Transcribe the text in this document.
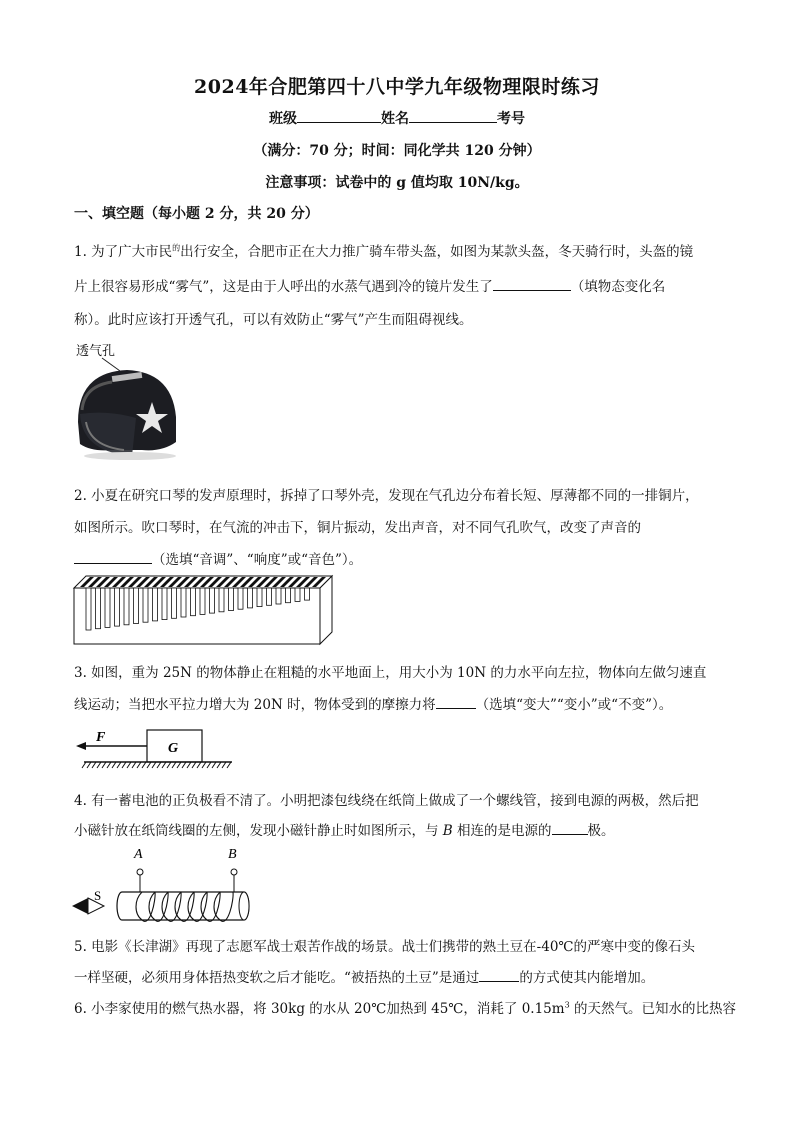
2024年合肥第四十八中学九年级物理限时练习
班级	姓名	考号
（满分：70 分；时间：同化学共 120 分钟）
注意事项：试卷中的 g 值均取 10N/kg。
一、填空题（每小题 2 分，共 20 分）
1. 为了广大市民$^的$出行安全，合肥市正在大力推广骑车带头盔，如图为某款头盔，冬天骑行时，头盔的镜
片上很容易形成“雾气”，这是由于人呼出的水蒸气遇到冷的镜片发生了	（填物态变化名
称）。此时应该打开透气孔，可以有效防止“雾气”产生而阻碍视线。
透气孔
2. 小夏在研究口琴的发声原理时，拆掉了口琴外壳，发现在气孔边分布着长短、厚薄都不同的一排铜片，
如图所示。吹口琴时，在气流的冲击下，铜片振动，发出声音，对不同气孔吹气，改变了声音的
（选填“音调”、“响度”或“音色”）。
3. 如图，重为 25N 的物体静止在粗糙的水平地面上，用大小为 10N 的力水平向左拉，物体向左做匀速直
线运动；当把水平拉力增大为 20N 时，物体受到的摩擦力将	（选填“变大”“变小”或“不变”）。
F
G
4. 有一蓄电池的正负极看不清了。小明把漆包线绕在纸筒上做成了一个螺线管，接到电源的两极，然后把
小磁针放在纸筒线圈的左侧，发现小磁针静止时如图所示，与 B 相连的是电源的	极。
A	B
S
5. 电影《长津湖》再现了志愿军战士艰苦作战的场景。战士们携带的熟土豆在-40℃的严寒中变的像石头
一样坚硬，必须用身体捂热变软之后才能吃。“被捂热的土豆”是通过	的方式使其内能增加。
6. 小李家使用的燃气热水器，将 30kg 的水从 20℃加热到 45℃，消耗了 0.15m$^3$ 的天然气。已知水的比热容
